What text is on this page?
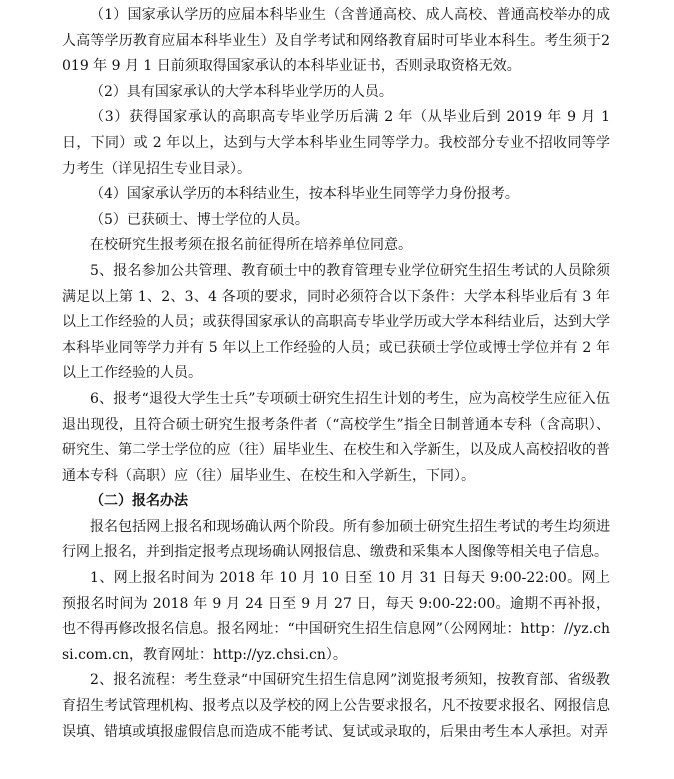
（1）国家承认学历的应届本科毕业生（含普通高校、成人高校、普通高校举办的成人高等学历教育应届本科毕业生）及自学考试和网络教育届时可毕业本科生。考生须于2019 年 9 月 1 日前须取得国家承认的本科毕业证书，否则录取资格无效。

（2）具有国家承认的大学本科毕业学历的人员。

（3）获得国家承认的高职高专毕业学历后满 2 年（从毕业后到 2019 年 9 月 1 日，下同）或 2 年以上，达到与大学本科毕业生同等学力。我校部分专业不招收同等学力考生（详见招生专业目录）。

（4）国家承认学历的本科结业生，按本科毕业生同等学力身份报考。

（5）已获硕士、博士学位的人员。

在校研究生报考须在报名前征得所在培养单位同意。

5、报名参加公共管理、教育硕士中的教育管理专业学位研究生招生考试的人员除须满足以上第 1、2、3、4 各项的要求，同时必须符合以下条件：大学本科毕业后有 3 年以上工作经验的人员；或获得国家承认的高职高专毕业学历或大学本科结业后，达到大学本科毕业同等学力并有 5 年以上工作经验的人员；或已获硕士学位或博士学位并有 2 年以上工作经验的人员。

6、报考“退役大学生士兵”专项硕士研究生招生计划的考生，应为高校学生应征入伍退出现役，且符合硕士研究生报考条件者（“高校学生”指全日制普通本专科（含高职）、研究生、第二学士学位的应（往）届毕业生、在校生和入学新生，以及成人高校招收的普通本专科（高职）应（往）届毕业生、在校生和入学新生，下同）。

（二）报名办法

报名包括网上报名和现场确认两个阶段。所有参加硕士研究生招生考试的考生均须进行网上报名，并到指定报考点现场确认网报信息、缴费和采集本人图像等相关电子信息。

1、网上报名时间为 2018 年 10 月 10 日至 10 月 31 日每天 9:00-22:00。网上预报名时间为 2018 年 9 月 24 日至 9 月 27 日，每天 9:00-22:00。逾期不再补报，也不得再修改报名信息。报名网址：“中国研究生招生信息网”（公网网址：http：//yz.chsi.com.cn，教育网址：http://yz.chsi.cn）。

2、报名流程：考生登录“中国研究生招生信息网”浏览报考须知，按教育部、省级教育招生考试管理机构、报考点以及学校的网上公告要求报名，凡不按要求报名、网报信息误填、错填或填报虚假信息而造成不能考试、复试或录取的，后果由考生本人承担。对弄
